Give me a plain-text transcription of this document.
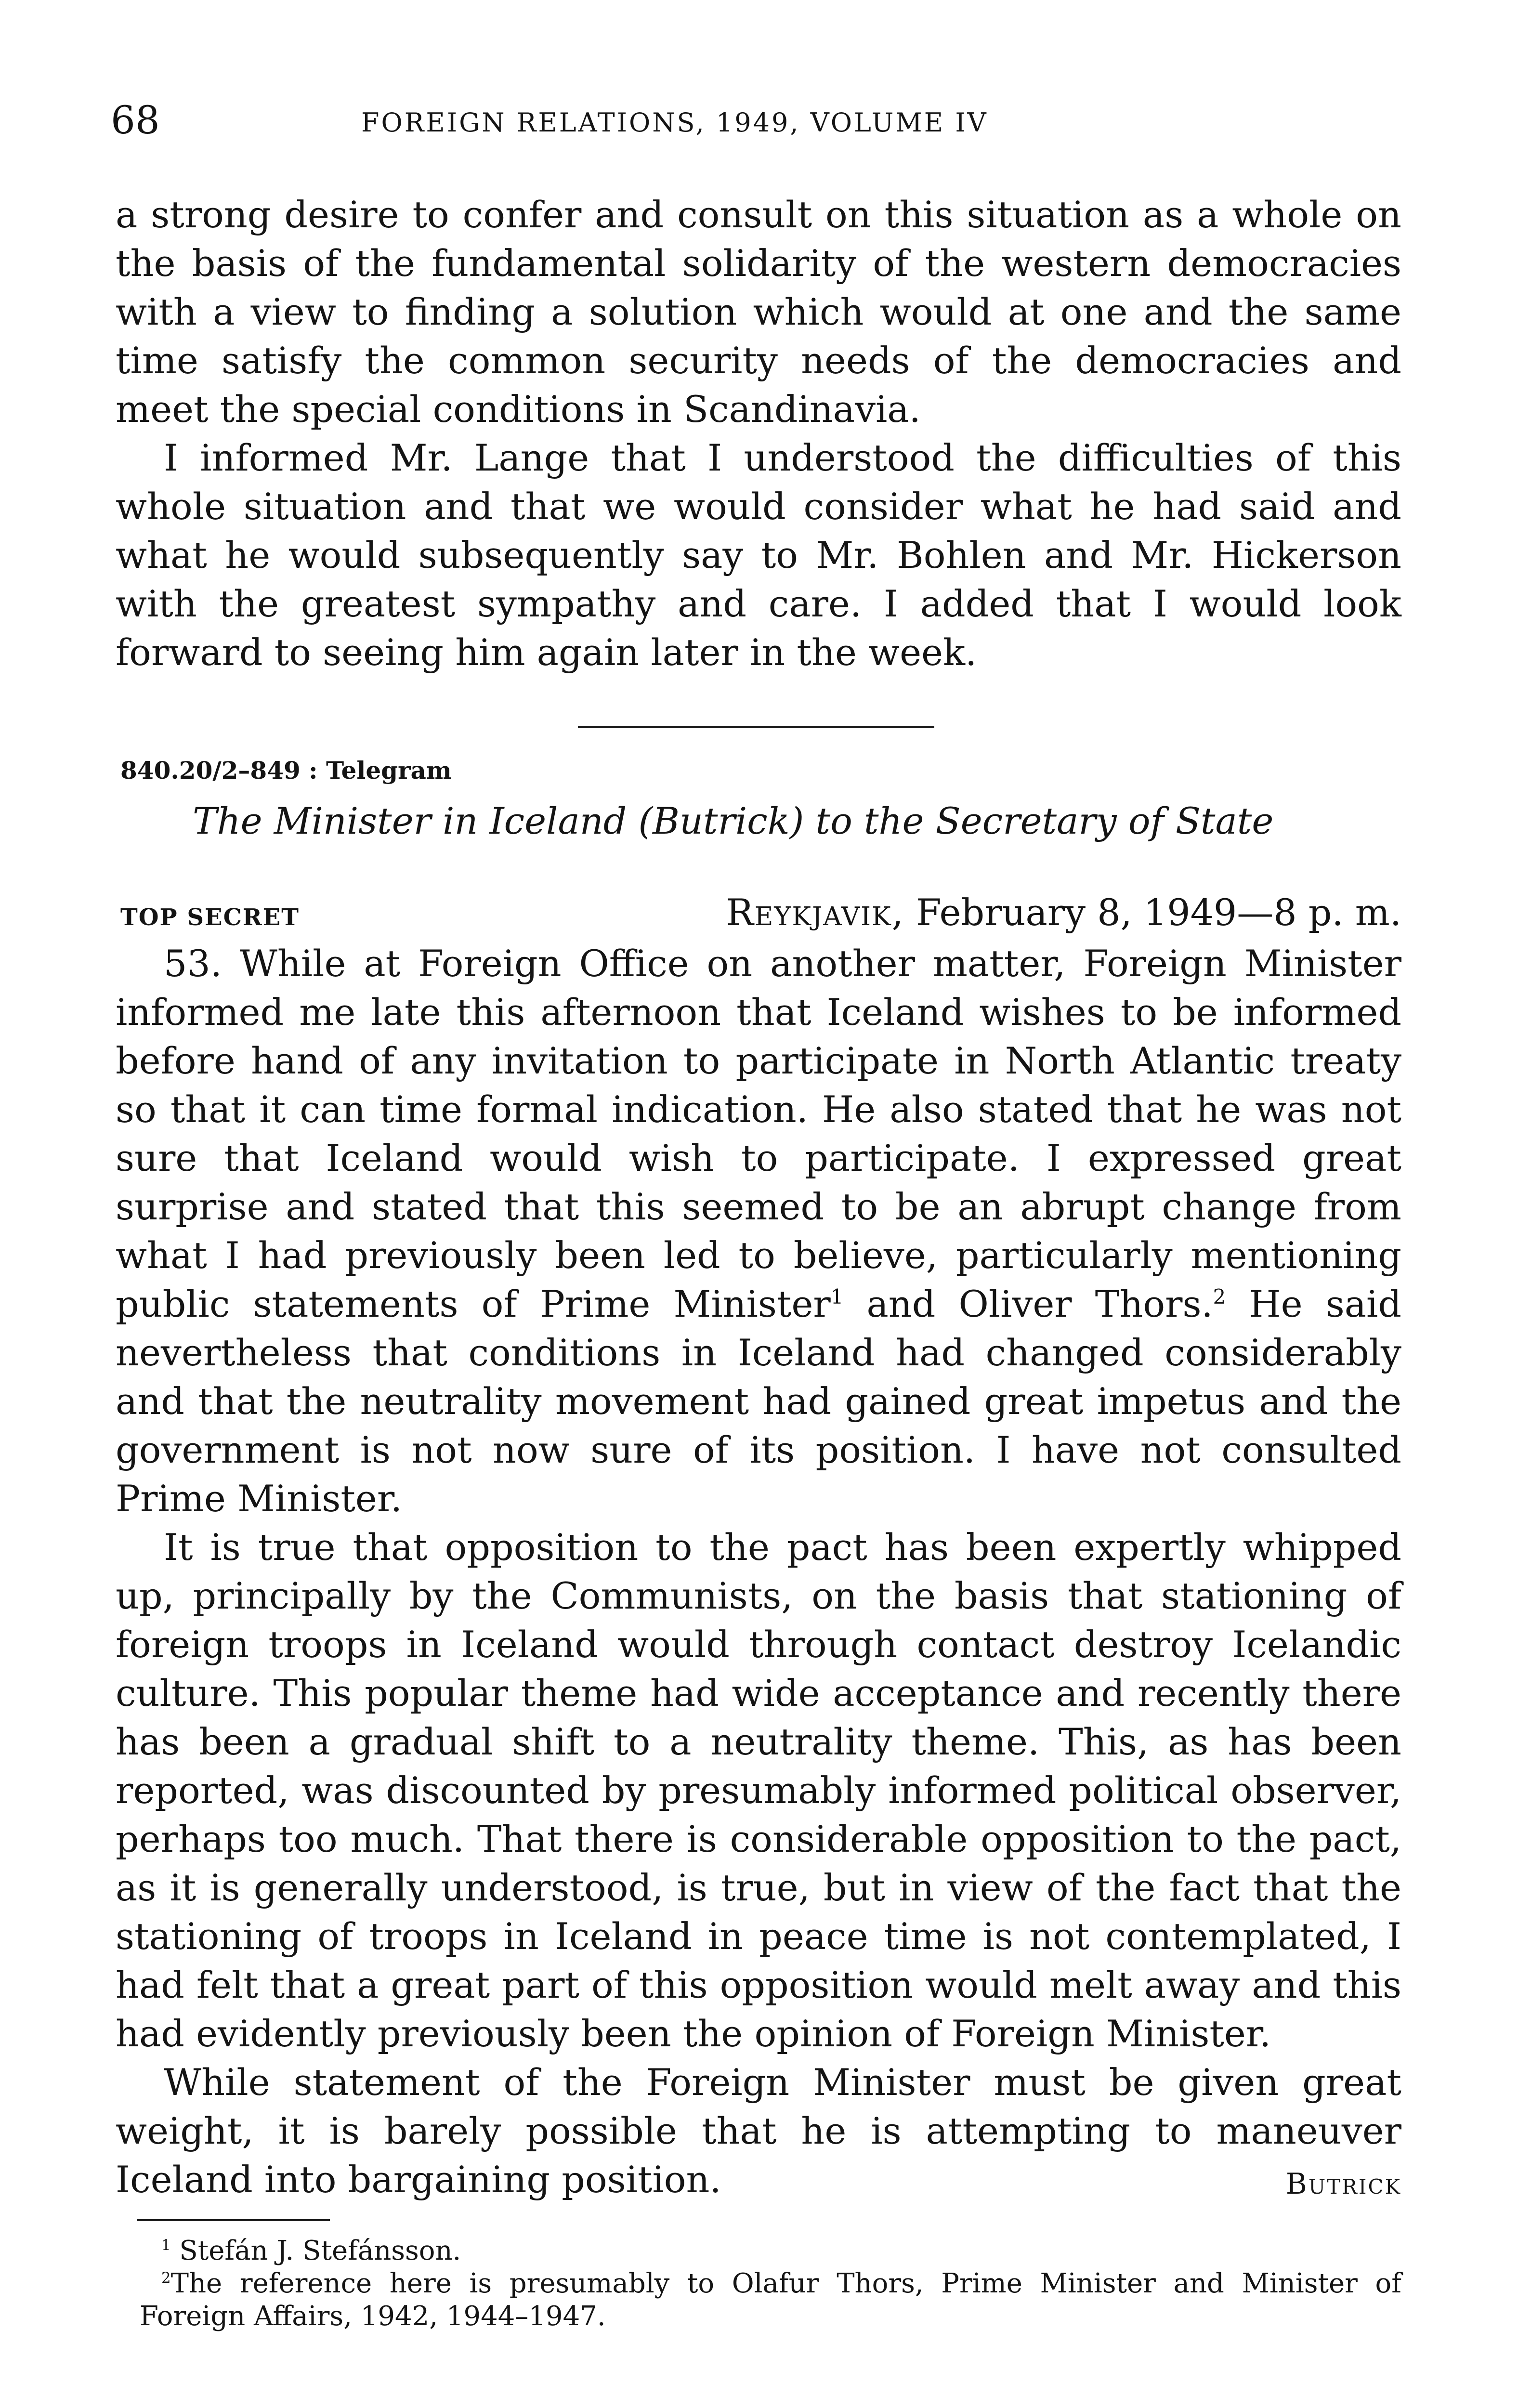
68	FOREIGN RELATIONS, 1949, VOLUME IV

a strong desire to confer and consult on this situation as a whole on the basis of the fundamental solidarity of the western democracies with a view to finding a solution which would at one and the same time satisfy the common security needs of the democracies and meet the special conditions in Scandinavia.

I informed Mr. Lange that I understood the difficulties of this whole situation and that we would consider what he had said and what he would subsequently say to Mr. Bohlen and Mr. Hickerson with the greatest sympathy and care. I added that I would look forward to seeing him again later in the week.

840.20/2–849 : Telegram
The Minister in Iceland (Butrick) to the Secretary of State
TOP SECRET	Reykjavik, February 8, 1949—8 p. m.

53. While at Foreign Office on another matter, Foreign Minister informed me late this afternoon that Iceland wishes to be informed before hand of any invitation to participate in North Atlantic treaty so that it can time formal indication. He also stated that he was not sure that Iceland would wish to participate. I expressed great surprise and stated that this seemed to be an abrupt change from what I had previously been led to believe, particularly mentioning public statements of Prime Minister$^1$ and Oliver Thors.$^2$ He said nevertheless that conditions in Iceland had changed considerably and that the neutrality movement had gained great impetus and the government is not now sure of its position. I have not consulted Prime Minister.

It is true that opposition to the pact has been expertly whipped up, principally by the Communists, on the basis that stationing of foreign troops in Iceland would through contact destroy Icelandic culture. This popular theme had wide acceptance and recently there has been a gradual shift to a neutrality theme. This, as has been reported, was discounted by presumably informed political observer, perhaps too much. That there is considerable opposition to the pact, as it is generally understood, is true, but in view of the fact that the stationing of troops in Iceland in peace time is not contemplated, I had felt that a great part of this opposition would melt away and this had evidently previously been the opinion of Foreign Minister.

While statement of the Foreign Minister must be given great weight, it is barely possible that he is attempting to maneuver Iceland into bargaining position.	Butrick

$^1$ Stefán J. Stefánsson.

$^2$The reference here is presumably to Olafur Thors, Prime Minister and Minister of Foreign Affairs, 1942, 1944–1947.
